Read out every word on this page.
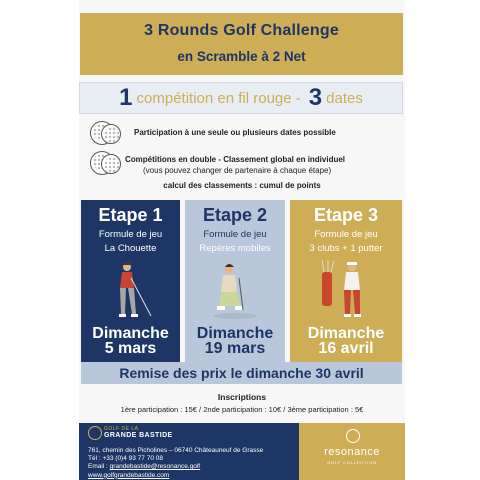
3 Rounds Golf Challenge
en Scramble à 2 Net
1 compétition en fil rouge - 3 dates
Participation à une seule ou plusieurs dates possible
Compétitions en double - Classement global en individuel
(vous pouvez changer de partenaire à chaque étape)
calcul des classements : cumul de points
Etape 1
Formule de jeu
La Chouette
Dimanche
5 mars
Etape 2
Formule de jeu
Repères mobiles
Dimanche
19 mars
Etape 3
Formule de jeu
3 clubs + 1 putter
Dimanche
16 avril
Remise des prix le dimanche 30 avril
Inscriptions
1ère participation : 15€ / 2nde participation : 10€ / 3ème participation : 5€
GOLF DE LA
GRANDE BASTIDE
761, chemin des Picholines – 06740 Châteauneuf de Grasse
Tél : +33 (0)4 93 77 70 08
Email : grandebastide@resonance.golf
www.golfgrandebastide.com
resonance
GOLF COLLECTION
